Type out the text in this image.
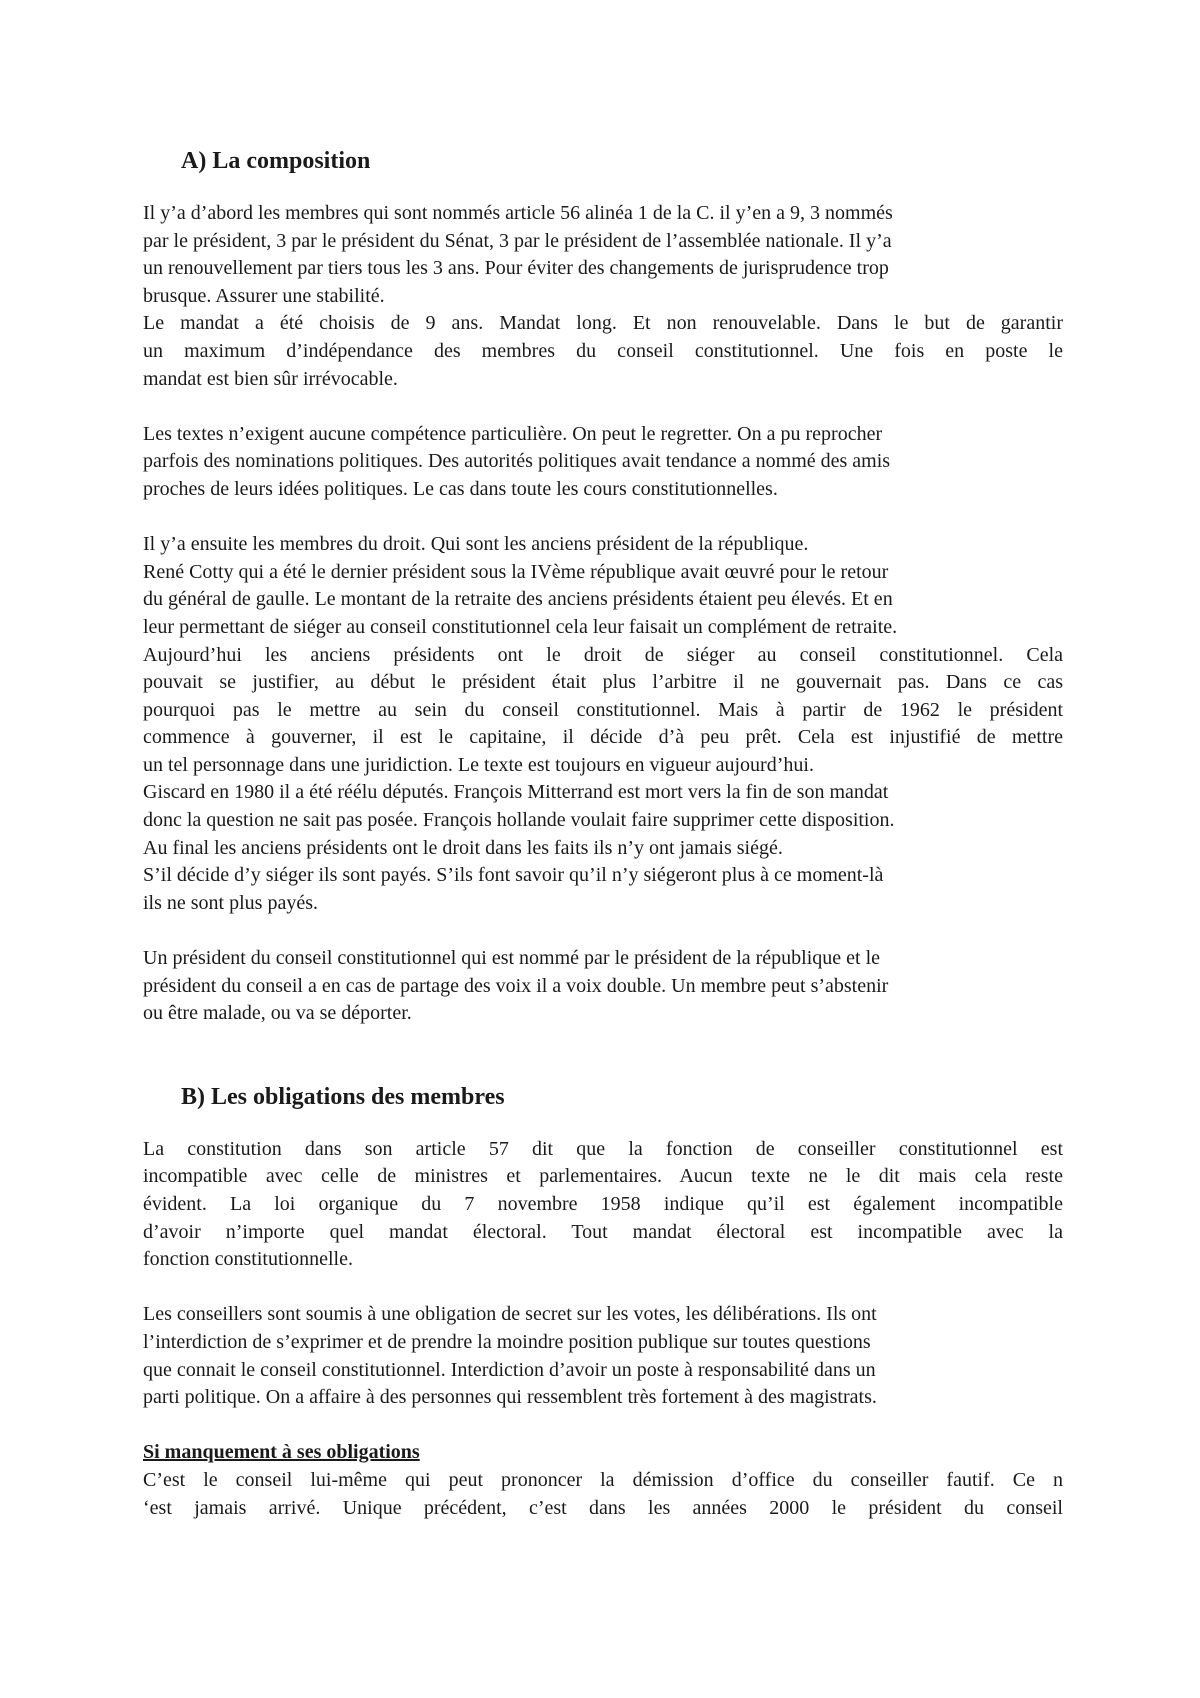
A) La composition
Il y’a d’abord les membres qui sont nommés article 56 alinéa 1 de la C. il y’en a 9, 3 nommés
par le président, 3 par le président du Sénat, 3 par le président de l’assemblée nationale. Il y’a
un renouvellement par tiers tous les 3 ans. Pour éviter des changements de jurisprudence trop
brusque. Assurer une stabilité.
Le mandat a été choisis de 9 ans. Mandat long. Et non renouvelable. Dans le but de garantir
un maximum d’indépendance des membres du conseil constitutionnel. Une fois en poste le
mandat est bien sûr irrévocable.
Les textes n’exigent aucune compétence particulière. On peut le regretter. On a pu reprocher
parfois des nominations politiques. Des autorités politiques avait tendance a nommé des amis
proches de leurs idées politiques. Le cas dans toute les cours constitutionnelles.
Il y’a ensuite les membres du droit. Qui sont les anciens président de la république.
René Cotty qui a été le dernier président sous la IVème république avait œuvré pour le retour
du général de gaulle. Le montant de la retraite des anciens présidents étaient peu élevés. Et en
leur permettant de siéger au conseil constitutionnel cela leur faisait un complément de retraite.
Aujourd’hui les anciens présidents ont le droit de siéger au conseil constitutionnel. Cela
pouvait se justifier, au début le président était plus l’arbitre il ne gouvernait pas. Dans ce cas
pourquoi pas le mettre au sein du conseil constitutionnel. Mais à partir de 1962 le président
commence à gouverner, il est le capitaine, il décide d’à peu prêt. Cela est injustifié de mettre
un tel personnage dans une juridiction. Le texte est toujours en vigueur aujourd’hui.
Giscard en 1980 il a été réélu députés. François Mitterrand est mort vers la fin de son mandat
donc la question ne sait pas posée. François hollande voulait faire supprimer cette disposition.
Au final les anciens présidents ont le droit dans les faits ils n’y ont jamais siégé.
S’il décide d’y siéger ils sont payés. S’ils font savoir qu’il n’y siégeront plus à ce moment-là
ils ne sont plus payés.
Un président du conseil constitutionnel qui est nommé par le président de la république et le
président du conseil a en cas de partage des voix il a voix double. Un membre peut s’abstenir
ou être malade, ou va se déporter.
B) Les obligations des membres
La constitution dans son article 57 dit que la fonction de conseiller constitutionnel est
incompatible avec celle de ministres et parlementaires. Aucun texte ne le dit mais cela reste
évident. La loi organique du 7 novembre 1958 indique qu’il est également incompatible
d’avoir n’importe quel mandat électoral. Tout mandat électoral est incompatible avec la
fonction constitutionnelle.
Les conseillers sont soumis à une obligation de secret sur les votes, les délibérations. Ils ont
l’interdiction de s’exprimer et de prendre la moindre position publique sur toutes questions
que connait le conseil constitutionnel. Interdiction d’avoir un poste à responsabilité dans un
parti politique. On a affaire à des personnes qui ressemblent très fortement à des magistrats.
Si manquement à ses obligations
C’est le conseil lui-même qui peut prononcer la démission d’office du conseiller fautif. Ce n
‘est jamais arrivé. Unique précédent, c’est dans les années 2000 le président du conseil
